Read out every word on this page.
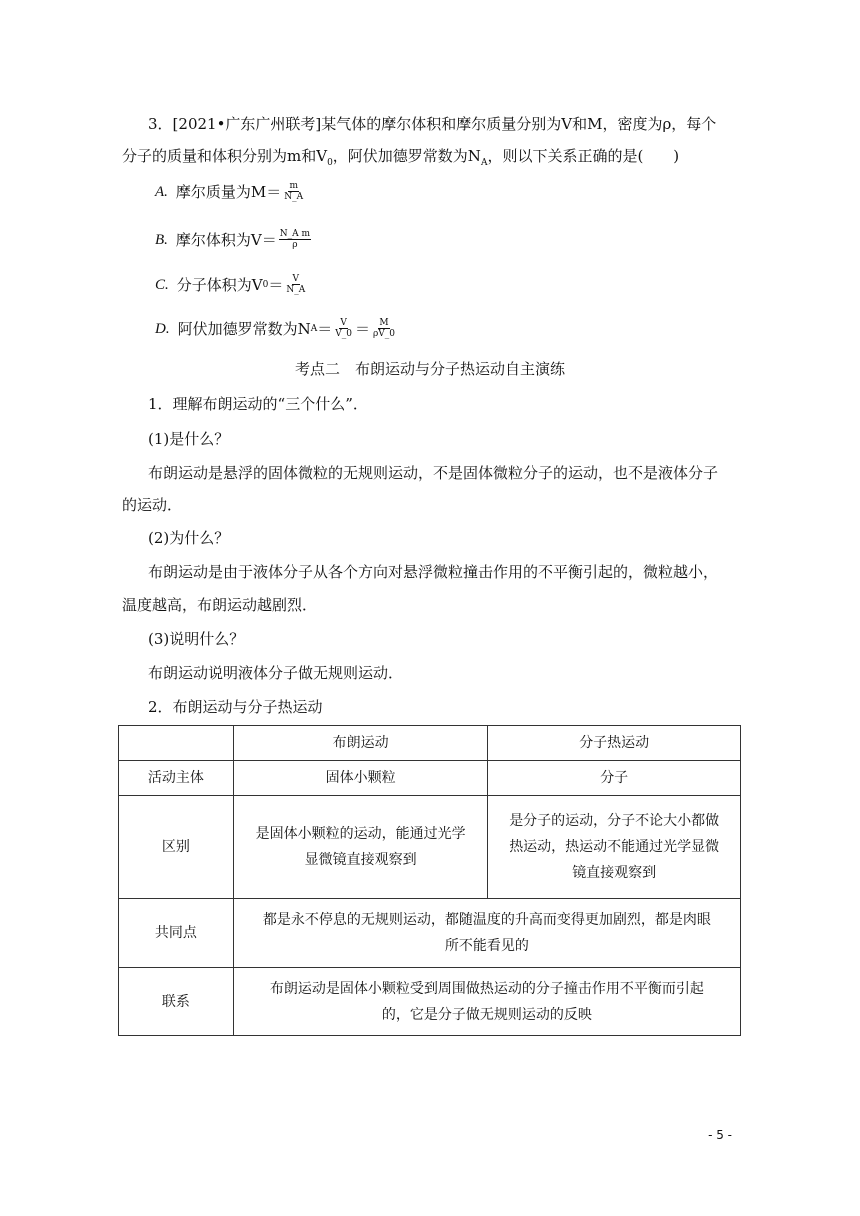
3．[2021•广东广州联考]某气体的摩尔体积和摩尔质量分别为V和M，密度为ρ，每个
分子的质量和体积分别为m和$V_0$，阿伏加德罗常数为$N_A$，则以下关系正确的是(　　)
A. 摩尔质量为$M= \frac{m}{N\_A}$
B. 摩尔体积为$V= \frac{\text{N\_A m}}{\rho}$
C. 分子体积为V $0 = \frac{V}{N\_A}$
D. 阿伏加德罗常数为N $A = \frac{V}{V\_0} = \frac{M}{\rho V\_0}$
考点二　布朗运动与分子热运动自主演练
1．理解布朗运动的“三个什么”．
(1)是什么？
布朗运动是悬浮的固体微粒的无规则运动，不是固体微粒分子的运动，也不是液体分子
的运动．
(2)为什么？
布朗运动是由于液体分子从各个方向对悬浮微粒撞击作用的不平衡引起的，微粒越小，
温度越高，布朗运动越剧烈．
(3)说明什么？
布朗运动说明液体分子做无规则运动．
2．布朗运动与分子热运动
	布朗运动	分子热运动
活动主体	固体小颗粒	分子
区别	是固体小颗粒的运动，能通过光学显微镜直接观察到	是分子的运动，分子不论大小都做热运动，热运动不能通过光学显微镜直接观察到
共同点	都是永不停息的无规则运动，都随温度的升高而变得更加剧烈，都是肉眼所不能看见的	
联系	布朗运动是固体小颗粒受到周围做热运动的分子撞击作用不平衡而引起的，它是分子做无规则运动的反映	
- 5 -
